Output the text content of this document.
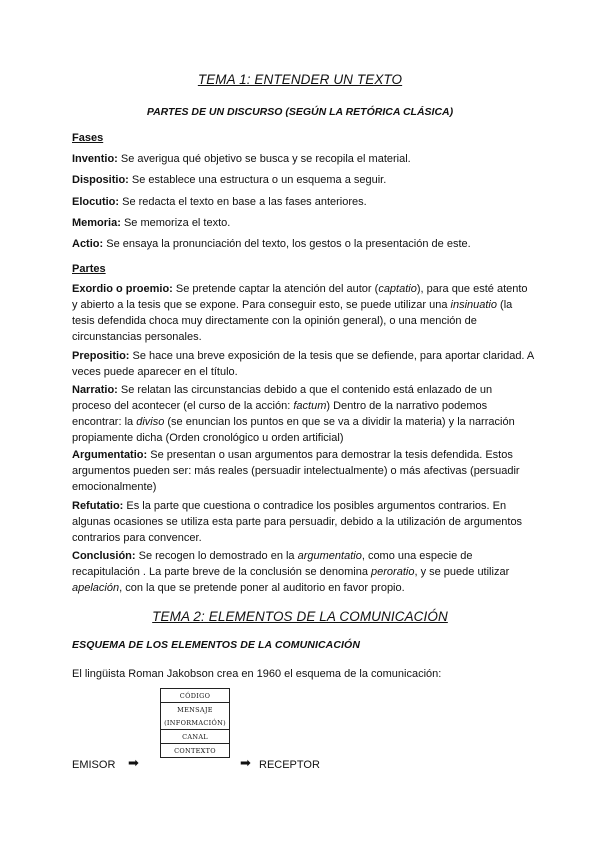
TEMA 1: ENTENDER UN TEXTO
PARTES DE UN DISCURSO (SEGÚN LA RETÓRICA CLÁSICA)
Fases

Inventio: Se averigua qué objetivo se busca y se recopila el material.

Dispositio: Se establece una estructura o un esquema a seguir.

Elocutio: Se redacta el texto en base a las fases anteriores.

Memoria: Se memoriza el texto.

Actio: Se ensaya la pronunciación del texto, los gestos o la presentación de este.

Partes

Exordio o proemio: Se pretende captar la atención del autor (captatio), para que esté atento y abierto a la tesis que se expone. Para conseguir esto, se puede utilizar una insinuatio (la tesis defendida choca muy directamente con la opinión general), o una mención de circunstancias personales.

Prepositio: Se hace una breve exposición de la tesis que se defiende, para aportar claridad. A veces puede aparecer en el título.

Narratio: Se relatan las circunstancias debido a que el contenido está enlazado de un proceso del acontecer (el curso de la acción: factum) Dentro de la narrativo podemos encontrar: la diviso (se enuncian los puntos en que se va a dividir la materia) y la narración propiamente dicha (Orden cronológico u orden artificial)

Argumentatio: Se presentan o usan argumentos para demostrar la tesis defendida. Estos argumentos pueden ser: más reales (persuadir intelectualmente) o más afectivas (persuadir emocionalmente)

Refutatio: Es la parte que cuestiona o contradice los posibles argumentos contrarios. En algunas ocasiones se utiliza esta parte para persuadir, debido a la utilización de argumentos contrarios para convencer.

Conclusión: Se recogen lo demostrado en la argumentatio, como una especie de recapitulación . La parte breve de la conclusión se denomina peroratio, y se puede utilizar apelación, con la que se pretende poner al auditorio en favor propio.

TEMA 2: ELEMENTOS DE LA COMUNICACIÓN
ESQUEMA DE LOS ELEMENTOS DE LA COMUNICACIÓN

El lingüista Roman Jakobson crea en 1960 el esquema de la comunicación:

CÓDIGO
MENSAJE
(INFORMACIÓN)
CANAL
CONTEXTO
EMISOR ➡	➡ RECEPTOR
